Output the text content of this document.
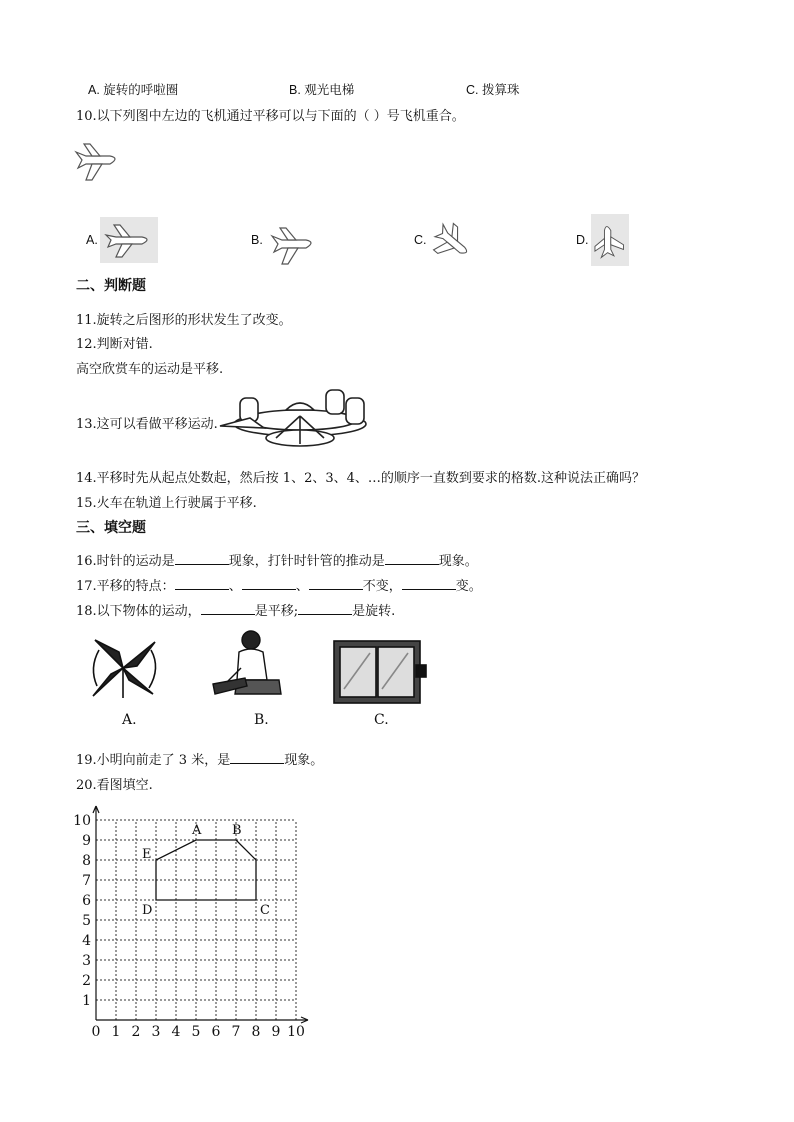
A. 旋转的呼啦圈	B. 观光电梯	C. 拨算珠
10.以下列图中左边的飞机通过平移可以与下面的（ ）号飞机重合。
A.	B.	C.	D.
二、判断题
11.旋转之后图形的形状发生了改变。
12.判断对错.
高空欣赏车的运动是平移.
13.这可以看做平移运动.
14.平移时先从起点处数起，然后按 1、2、3、4、…的顺序一直数到要求的格数.这种说法正确吗？
15.火车在轨道上行驶属于平移.
三、填空题
16.时针的运动是	现象，打针时针管的推动是	现象。
17.平移的特点：	、	、	不变，	变。
18.以下物体的运动，	是平移;	是旋转.
A.	B.	C.
19.小明向前走了 3 米，是	现象。
20.看图填空.
0 1 2 3 4 5 6 7 8 9 10
1
2
3
4
5
6
7
8
9
10
A B
C
D
E
